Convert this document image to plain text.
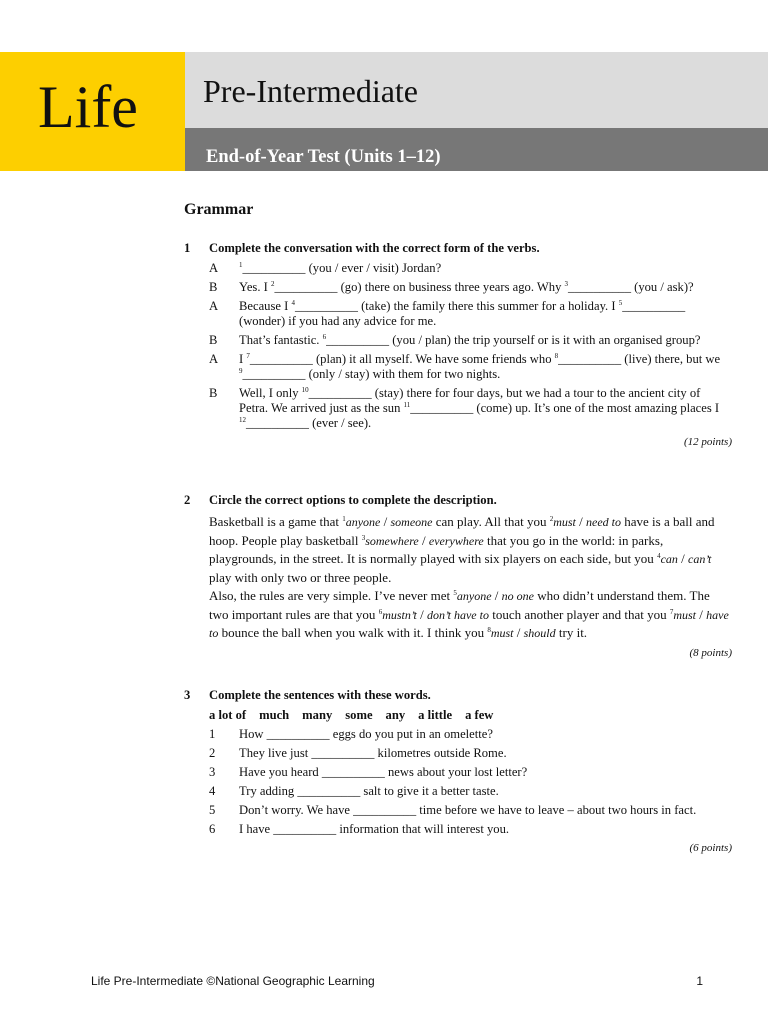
Life Pre-Intermediate
End-of-Year Test (Units 1–12)
Grammar
1 Complete the conversation with the correct form of the verbs.
A	$^1$__________ (you / ever / visit) Jordan?
B Yes. I $^2$__________ (go) there on business three years ago. Why $^3$__________ (you / ask)?
A Because I $^4$__________ (take) the family there this summer for a holiday. I $^5$__________ (wonder) if you had any advice for me.
B That’s fantastic. $^6$__________ (you / plan) the trip yourself or is it with an organised group?
A I $^7$__________ (plan) it all myself. We have some friends who $^8$__________ (live) there, but we $^9$__________ (only / stay) with them for two nights.
B Well, I only $^{10}$__________ (stay) there for four days, but we had a tour to the ancient city of Petra. We arrived just as the sun $^{11}$__________ (come) up. It’s one of the most amazing places I $^{12}$__________ (ever / see).
(12 points)
2 Circle the correct options to complete the description.
Basketball is a game that $^1$anyone / someone can play. All that you $^2$must / need to have is a ball and hoop. People play basketball $^3$somewhere / everywhere that you go in the world: in parks, playgrounds, in the street. It is normally played with six players on each side, but you $^4$can / can’t play with only two or three people.
Also, the rules are very simple. I’ve never met $^5$anyone / no one who didn’t understand them. The two important rules are that you $^6$mustn’t / don’t have to touch another player and that you $^7$must / have to bounce the ball when you walk with it. I think you $^8$must / should try it.
(8 points)
3 Complete the sentences with these words.
a lot of much many some any a little a few
1 How __________ eggs do you put in an omelette?
2 They live just __________ kilometres outside Rome.
3 Have you heard __________ news about your lost letter?
4 Try adding __________ salt to give it a better taste.
5 Don’t worry. We have __________ time before we have to leave – about two hours in fact.
6 I have __________ information that will interest you.
(6 points)
Life Pre-Intermediate ©National Geographic Learning	1
